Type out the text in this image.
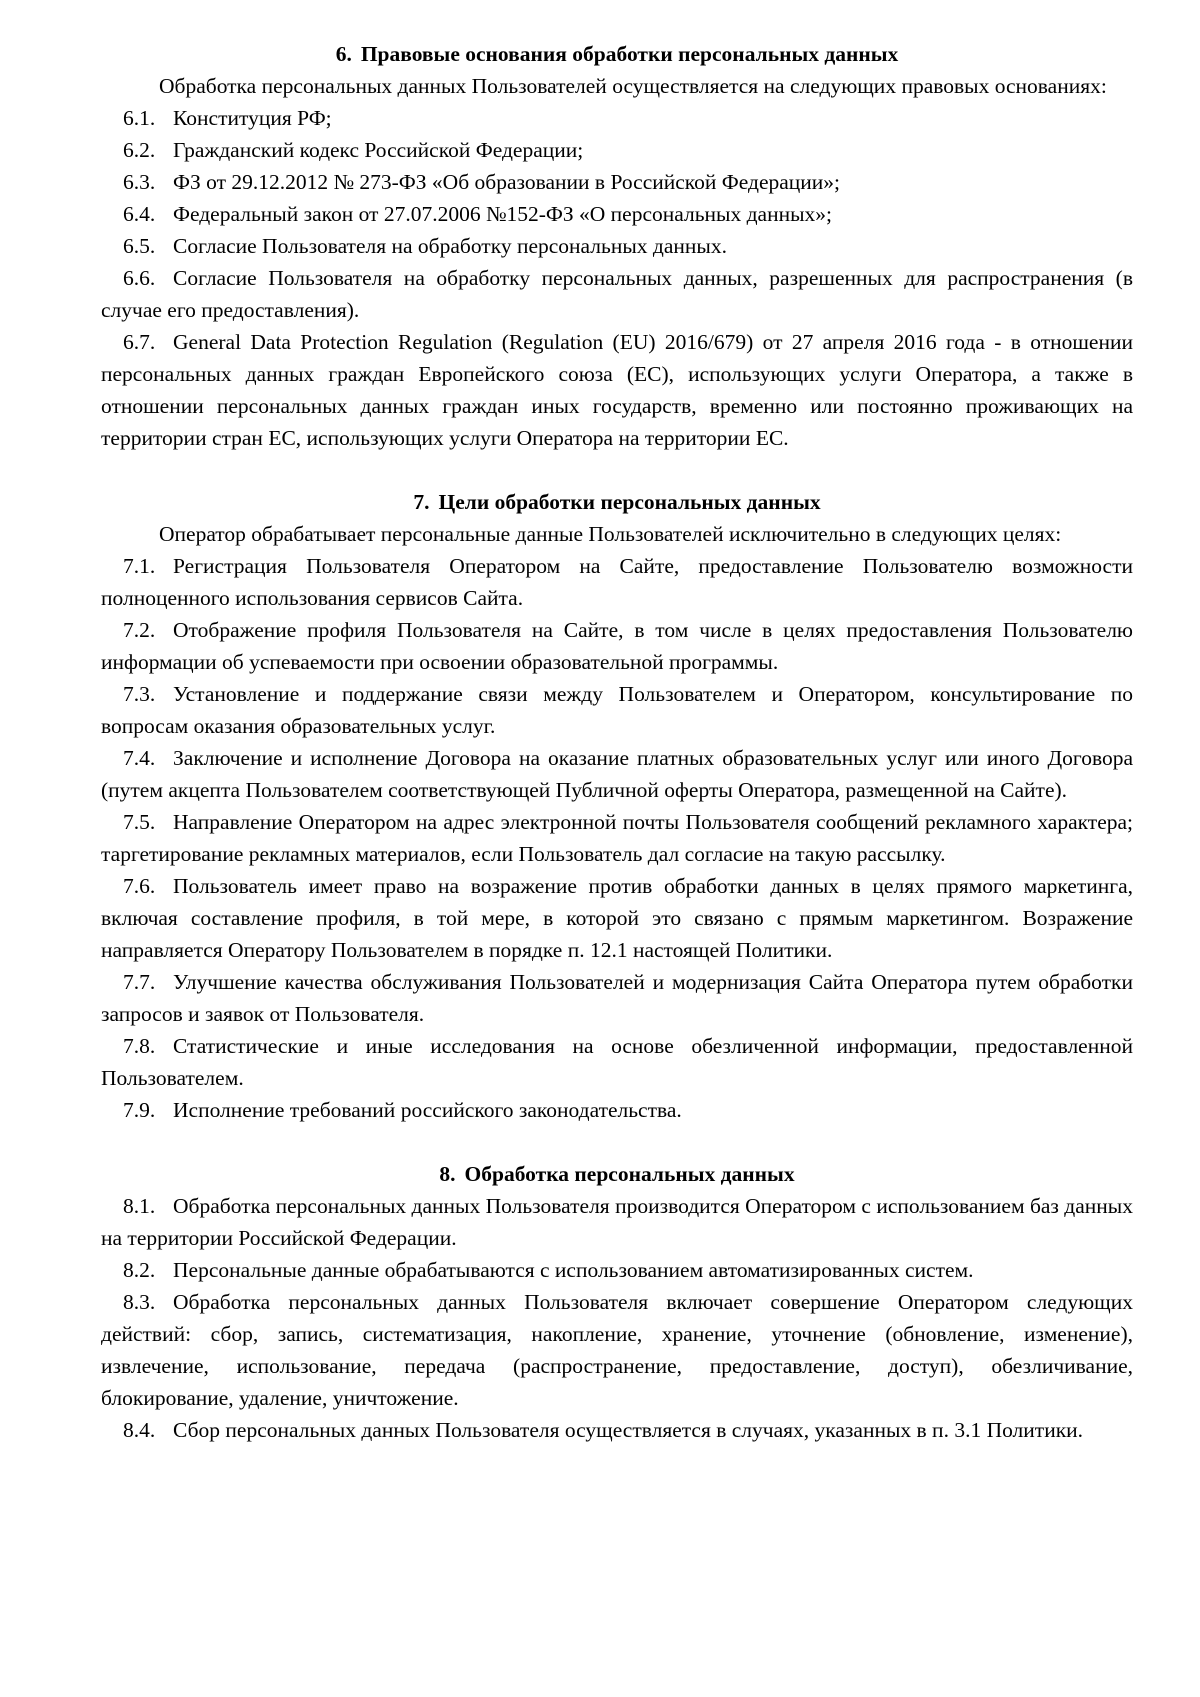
6. Правовые основания обработки персональных данных

Обработка персональных данных Пользователей осуществляется на следующих правовых основаниях:

6.1. Конституция РФ;

6.2. Гражданский кодекс Российской Федерации;

6.3. ФЗ от 29.12.2012 № 273-ФЗ «Об образовании в Российской Федерации»;

6.4. Федеральный закон от 27.07.2006 №152-ФЗ «О персональных данных»;

6.5. Согласие Пользователя на обработку персональных данных.

6.6. Согласие Пользователя на обработку персональных данных, разрешенных для распространения (в случае его предоставления).

6.7. General Data Protection Regulation (Regulation (EU) 2016/679) от 27 апреля 2016 года - в отношении персональных данных граждан Европейского союза (ЕС), использующих услуги Оператора, а также в отношении персональных данных граждан иных государств, временно или постоянно проживающих на территории стран ЕС, использующих услуги Оператора на территории ЕС.

7. Цели обработки персональных данных

Оператор обрабатывает персональные данные Пользователей исключительно в следующих целях:

7.1. Регистрация Пользователя Оператором на Сайте, предоставление Пользователю возможности полноценного использования сервисов Сайта.

7.2. Отображение профиля Пользователя на Сайте, в том числе в целях предоставления Пользователю информации об успеваемости при освоении образовательной программы.

7.3. Установление и поддержание связи между Пользователем и Оператором, консультирование по вопросам оказания образовательных услуг.

7.4. Заключение и исполнение Договора на оказание платных образовательных услуг или иного Договора (путем акцепта Пользователем соответствующей Публичной оферты Оператора, размещенной на Сайте).

7.5. Направление Оператором на адрес электронной почты Пользователя сообщений рекламного характера; таргетирование рекламных материалов, если Пользователь дал согласие на такую рассылку.

7.6. Пользователь имеет право на возражение против обработки данных в целях прямого маркетинга, включая составление профиля, в той мере, в которой это связано с прямым маркетингом. Возражение направляется Оператору Пользователем в порядке п. 12.1 настоящей Политики.

7.7. Улучшение качества обслуживания Пользователей и модернизация Сайта Оператора путем обработки запросов и заявок от Пользователя.

7.8. Статистические и иные исследования на основе обезличенной информации, предоставленной Пользователем.

7.9. Исполнение требований российского законодательства.

8. Обработка персональных данных

8.1. Обработка персональных данных Пользователя производится Оператором с использованием баз данных на территории Российской Федерации.

8.2. Персональные данные обрабатываются с использованием автоматизированных систем.

8.3. Обработка персональных данных Пользователя включает совершение Оператором следующих действий: сбор, запись, систематизация, накопление, хранение, уточнение (обновление, изменение), извлечение, использование, передача (распространение, предоставление, доступ), обезличивание, блокирование, удаление, уничтожение.

8.4. Сбор персональных данных Пользователя осуществляется в случаях, указанных в п. 3.1 Политики.
